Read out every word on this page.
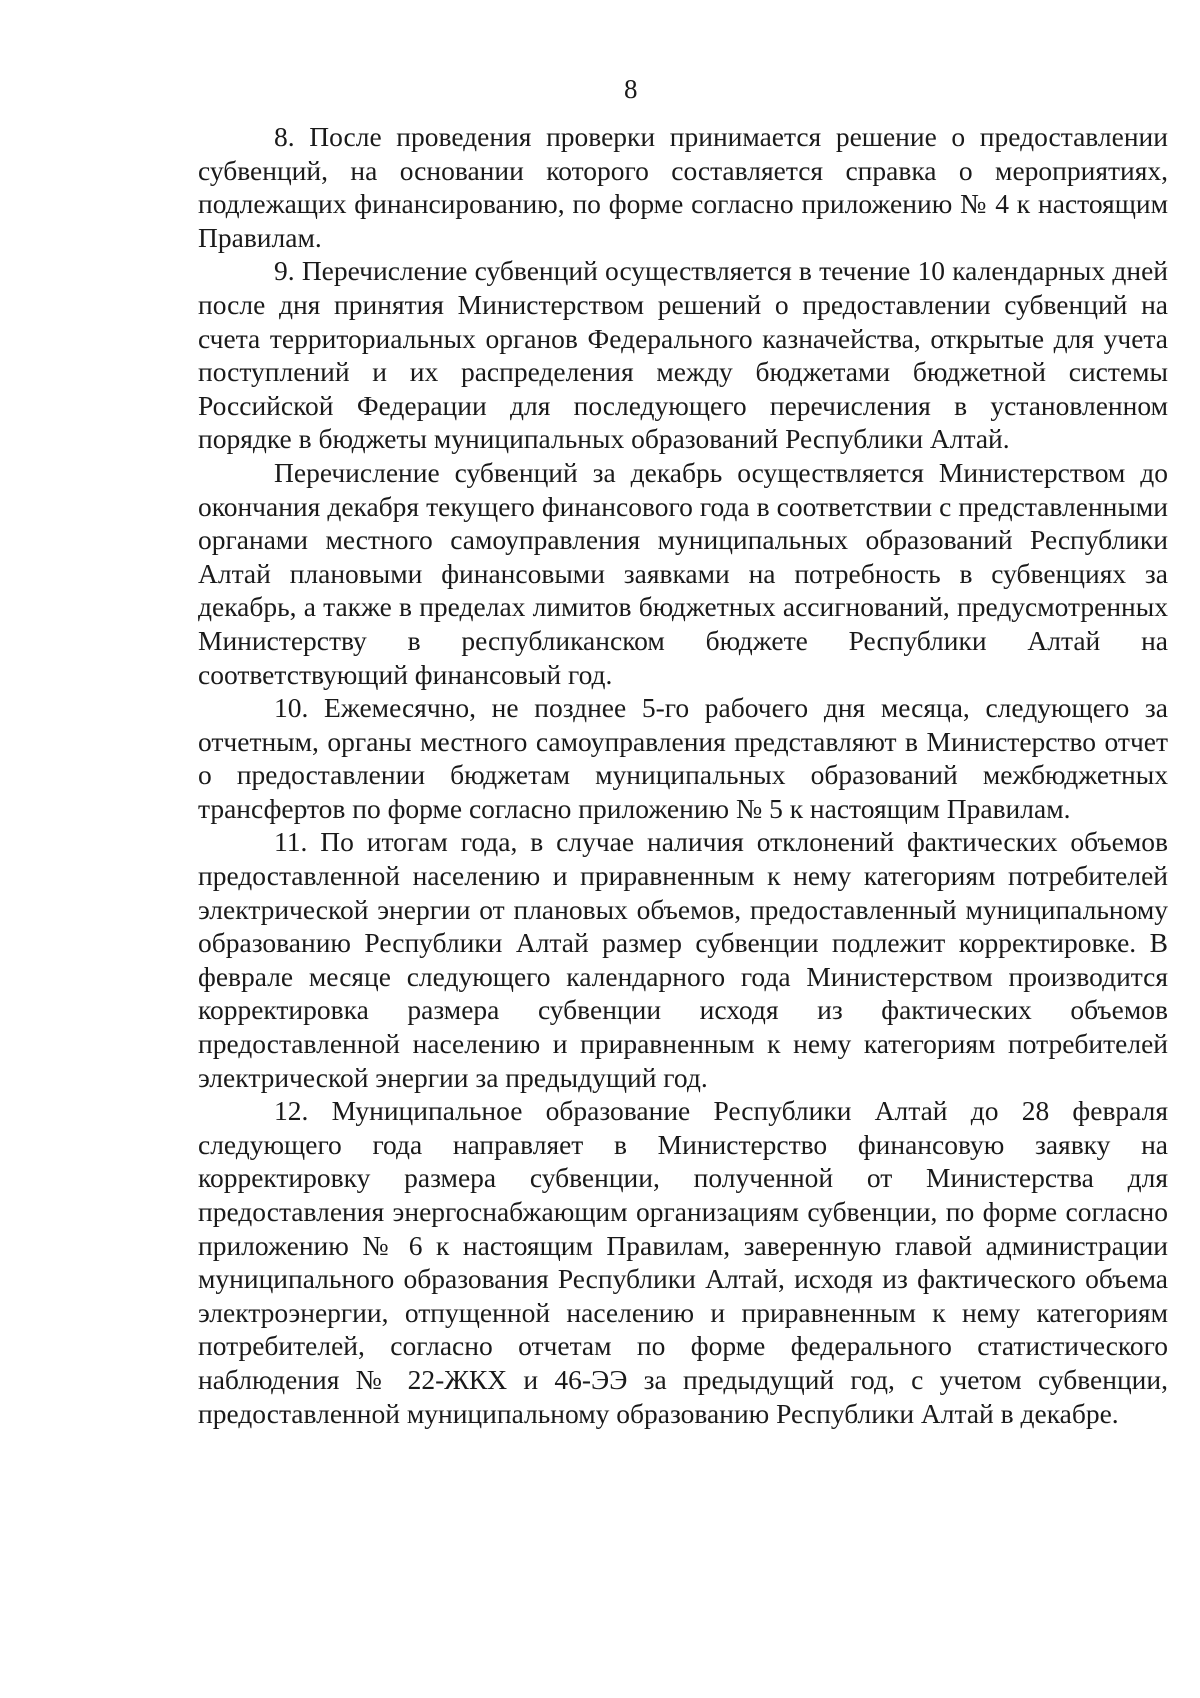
8

8. После проведения проверки принимается решение о предоставлении субвенций, на основании которого составляется справка о мероприятиях, подлежащих финансированию, по форме согласно приложению № 4 к настоящим Правилам.

9. Перечисление субвенций осуществляется в течение 10 календарных дней после дня принятия Министерством решений о предоставлении субвенций на счета территориальных органов Федерального казначейства, открытые для учета поступлений и их распределения между бюджетами бюджетной системы Российской Федерации для последующего перечисления в установленном порядке в бюджеты муниципальных образований Республики Алтай.

Перечисление субвенций за декабрь осуществляется Министерством до окончания декабря текущего финансового года в соответствии с представленными органами местного самоуправления муниципальных образований Республики Алтай плановыми финансовыми заявками на потребность в субвенциях за декабрь, а также в пределах лимитов бюджетных ассигнований, предусмотренных Министерству в республиканском бюджете Республики Алтай на соответствующий финансовый год.

10. Ежемесячно, не позднее 5-го рабочего дня месяца, следующего за отчетным, органы местного самоуправления представляют в Министерство отчет о предоставлении бюджетам муниципальных образований межбюджетных трансфертов по форме согласно приложению № 5 к настоящим Правилам.

11. По итогам года, в случае наличия отклонений фактических объемов предоставленной населению и приравненным к нему категориям потребителей электрической энергии от плановых объемов, предоставленный муниципальному образованию Республики Алтай размер субвенции подлежит корректировке. В феврале месяце следующего календарного года Министерством производится корректировка размера субвенции исходя из фактических объемов предоставленной населению и приравненным к нему категориям потребителей электрической энергии за предыдущий год.

12. Муниципальное образование Республики Алтай до 28 февраля следующего года направляет в Министерство финансовую заявку на корректировку размера субвенции, полученной от Министерства для предоставления энергоснабжающим организациям субвенции, по форме согласно приложению № 6 к настоящим Правилам, заверенную главой администрации муниципального образования Республики Алтай, исходя из фактического объема электроэнергии, отпущенной населению и приравненным к нему категориям потребителей, согласно отчетам по форме федерального статистического наблюдения № 22-ЖКХ и 46-ЭЭ за предыдущий год, с учетом субвенции, предоставленной муниципальному образованию Республики Алтай в декабре.
